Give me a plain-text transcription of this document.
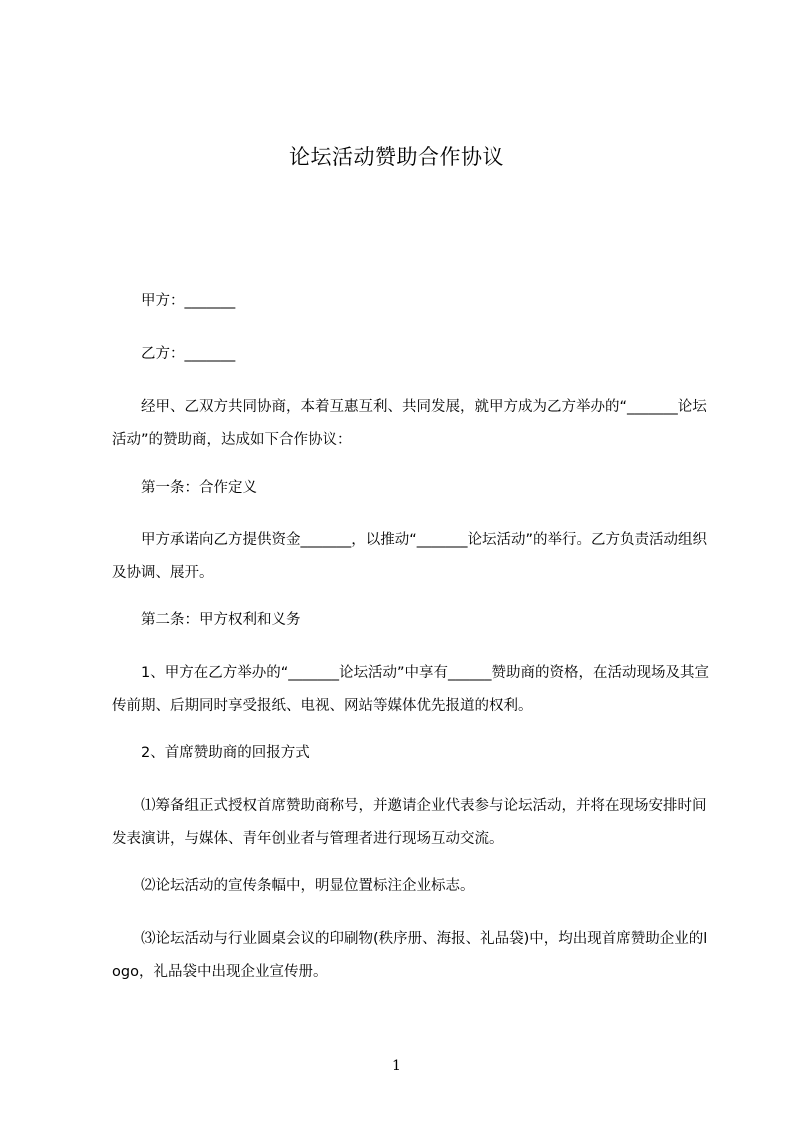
论坛活动赞助合作协议
甲方：_______
乙方：_______
经甲、乙双方共同协商，本着互惠互利、共同发展，就甲方成为乙方举办的“_______论坛活动”的赞助商，达成如下合作协议：
第一条：合作定义
甲方承诺向乙方提供资金_______，以推动“_______论坛活动”的举行。乙方负责活动组织及协调、展开。
第二条：甲方权利和义务
1、甲方在乙方举办的“_______论坛活动”中享有______赞助商的资格，在活动现场及其宣传前期、后期同时享受报纸、电视、网站等媒体优先报道的权利。
2、首席赞助商的回报方式
⑴筹备组正式授权首席赞助商称号，并邀请企业代表参与论坛活动，并将在现场安排时间发表演讲，与媒体、青年创业者与管理者进行现场互动交流。
⑵论坛活动的宣传条幅中，明显位置标注企业标志。
⑶论坛活动与行业圆桌会议的印刷物(秩序册、海报、礼品袋)中，均出现首席赞助企业的logo，礼品袋中出现企业宣传册。
1
